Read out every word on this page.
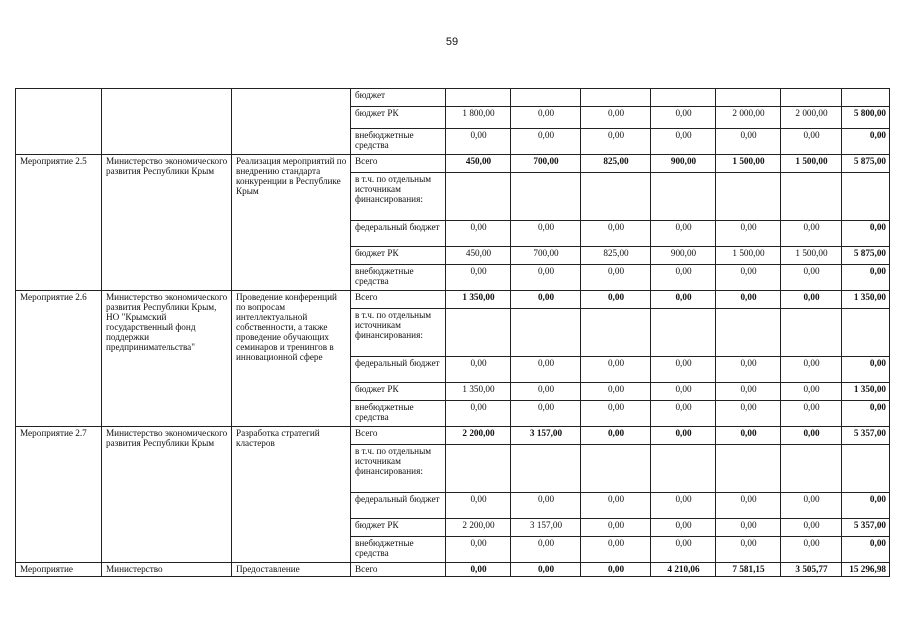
59
			бюджет							
			бюджет РК	1 800,00	0,00	0,00	0,00	2 000,00	2 000,00	5 800,00
			внебюджетные средства	0,00	0,00	0,00	0,00	0,00	0,00	0,00
Мероприятие 2.5	Министерство экономического развития Республики Крым	Реализация мероприятий по внедрению стандарта конкуренции в Республике Крым	Всего	450,00	700,00	825,00	900,00	1 500,00	1 500,00	5 875,00
			в т.ч. по отдельным источникам финансирования:							
			федеральный бюджет	0,00	0,00	0,00	0,00	0,00	0,00	0,00
			бюджет РК	450,00	700,00	825,00	900,00	1 500,00	1 500,00	5 875,00
			внебюджетные средства	0,00	0,00	0,00	0,00	0,00	0,00	0,00
Мероприятие 2.6	Министерство экономического развития Республики Крым, НО "Крымский государственный фонд поддержки предпринимательства"	Проведение конференций по вопросам интеллектуальной собственности, а также проведение обучающих семинаров и тренингов в инновационной сфере	Всего	1 350,00	0,00	0,00	0,00	0,00	0,00	1 350,00
			в т.ч. по отдельным источникам финансирования:							
			федеральный бюджет	0,00	0,00	0,00	0,00	0,00	0,00	0,00
			бюджет РК	1 350,00	0,00	0,00	0,00	0,00	0,00	1 350,00
			внебюджетные средства	0,00	0,00	0,00	0,00	0,00	0,00	0,00
Мероприятие 2.7	Министерство экономического развития Республики Крым	Разработка стратегий кластеров	Всего	2 200,00	3 157,00	0,00	0,00	0,00	0,00	5 357,00
			в т.ч. по отдельным источникам финансирования:							
			федеральный бюджет	0,00	0,00	0,00	0,00	0,00	0,00	0,00
			бюджет РК	2 200,00	3 157,00	0,00	0,00	0,00	0,00	5 357,00
			внебюджетные средства	0,00	0,00	0,00	0,00	0,00	0,00	0,00
Мероприятие	Министерство	Предоставление	Всего	0,00	0,00	0,00	4 210,06	7 581,15	3 505,77	15 296,98
